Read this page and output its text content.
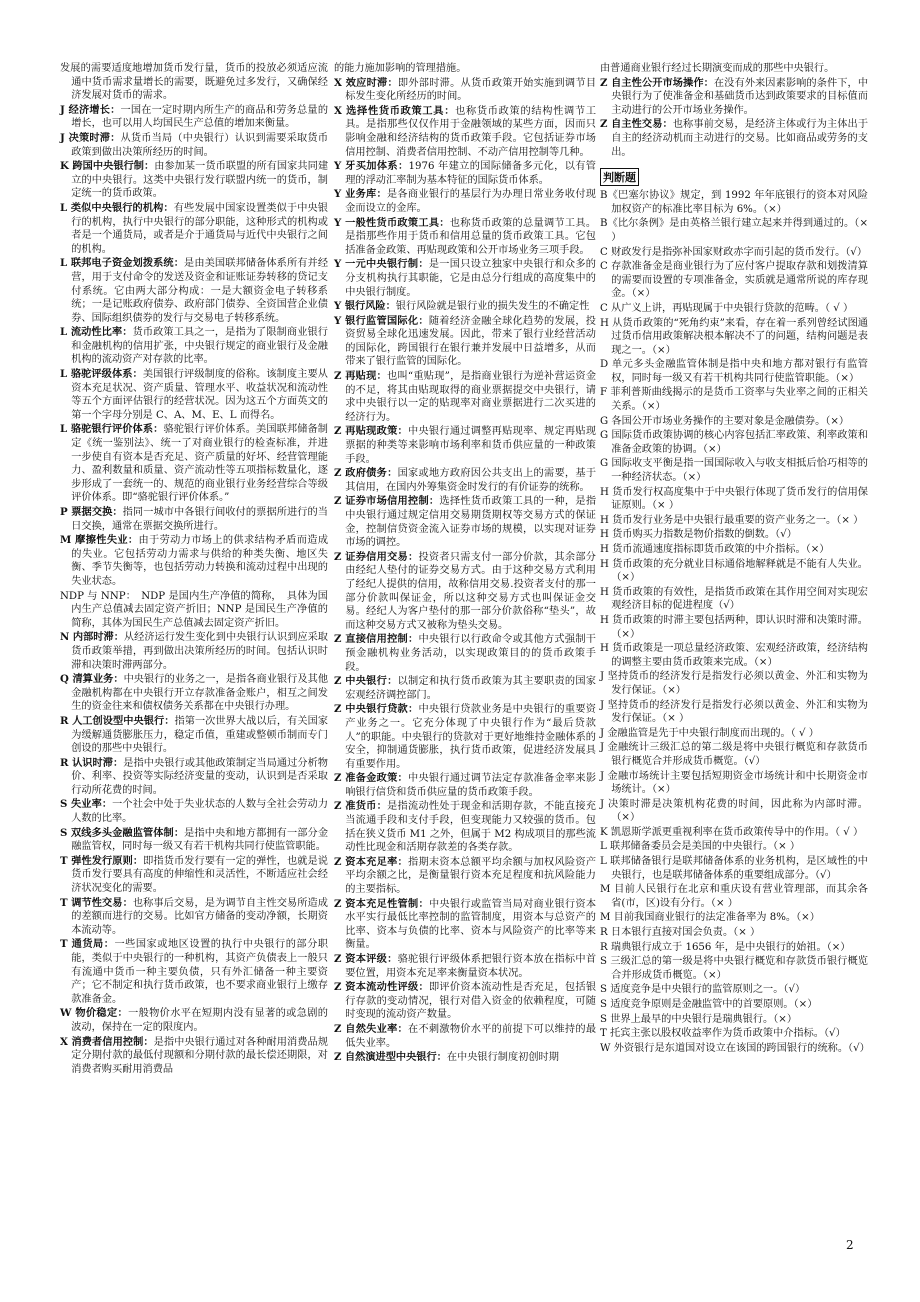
发展的需要适度地增加货币发行量，货币的投放必须适应流通中货币需求量增长的需要，既避免过多发行，又确保经济发展对货币的需求。
J 经济增长：一国在一定时期内所生产的商品和劳务总量的增长，也可以用人均国民生产总值的增加来衡量。
J 决策时滞：从货币当局（中央银行）认识到需要采取货币政策到做出决策所经历的时间。
K 跨国中央银行制：由参加某一货币联盟的所有国家共同建立的中央银行。这类中央银行发行联盟内统一的货币，制定统一的货币政策。
L 类似中央银行的机构：有些发展中国家设置类似于中央银行的机构，执行中央银行的部分职能，这种形式的机构或者是一个通货局，或者是介于通货局与近代中央银行之间的机构。
L 联邦电子资金划拨系统：是由美国联邦储备体系所有并经营，用于支付命令的发送及资金和证账证券转移的贷记支付系统。它由两大部分构成：一是大额资金电子转移系统；一是记账政府债券、政府部门债券、全资国营企业债券、国际组织债券的发行与交易电子转移系统。
L 流动性比率：货币政策工具之一，是指为了限制商业银行和金融机构的信用扩张，中央银行规定的商业银行及金融机构的流动资产对存款的比率。
L 骆驼评级体系：美国银行评级制度的俗称。该制度主要从资本充足状况、资产质量、管理水平、收益状况和流动性等五个方面评估银行的经营状况。因为这五个方面英文的第一个字母分别是 C、A、M、E、L 而得名。
L 骆驼银行评价体系：骆驼银行评价体系。美国联邦储备制定《统一鉴别法》、统一了对商业银行的检查标准，并进一步使自有资本是否充足、资产质量的好坏、经营管理能力、盈利数量和质量、资产流动性等五项指标数量化，逐步形成了一套统一的、规范的商业银行业务经营综合等级评价体系。即“骆驼银行评价体系。”
P 票据交换：指同一城市中各银行间收付的票据所进行的当日交换，通常在票据交换所进行。
M 摩擦性失业：由于劳动力市场上的供求结构矛盾而造成的失业。它包括劳动力需求与供给的种类失衡、地区失衡、季节失衡等，也包括劳动力转换和流动过程中出现的失业状态。
NDP 与 NNP：　NDP 是国内生产净值的简称，　具体为国内生产总值减去固定资产折旧；NNP 是国民生产净值的简称，其体为国民生产总值减去固定资产折旧。
N 内部时滞：从经济运行发生变化到中央银行认识到应采取货币政策举措，再到做出决策所经历的时间。包括认识时滞和决策时滞两部分。
Q 清算业务：中央银行的业务之一，是指各商业银行及其他金融机构都在中央银行开立存款准备金账户，相互之间发生的资金往来和债权债务关系都在中央银行办理。
R 人工创设型中央银行：指第一次世界大战以后，有关国家为缓解通货膨胀压力，稳定币值，重建或整顿币制而专门创设的那些中央银行。
R 认识时滞：是指中央银行或其他政策制定当局通过分析物价、利率、投资等实际经济变量的变动，认识到是否采取行动所花费的时间。
S 失业率：一个社会中处于失业状态的人数与全社会劳动力人数的比率。
S 双线多头金融监管体制：是指中央和地方都拥有一部分金融监管权，同时每一级又有若干机构共同行使监管职能。
T 弹性发行原则：即指货币发行要有一定的弹性，也就是说货币发行要具有高度的伸缩性和灵活性，不断适应社会经济状况变化的需要。
T 调节性交易：也称事后交易，是为调节自主性交易所造成的差额而进行的交易。比如官方储备的变动净额，长期资本流动等。
T 通货局：一些国家或地区设置的执行中央银行的部分职能，类似于中央银行的一种机构，其资产负债表上一般只有流通中货币一种主要负债，只有外汇储备一种主要资产；它不制定和执行货币政策，也不要求商业银行上缴存款准备金。
W 物价稳定：一般物价水平在短期内没有显著的或急剧的波动，保持在一定的限度内。
X 消费者信用控制：是指中央银行通过对各种耐用消费品规定分期付款的最低付现额和分期付款的最长偿还期限，对消费者购买耐用消费品
的能力施加影响的管理措施。
X 效应时滞：即外部时滞。从货币政策开始实施到调节目标发生变化所经历的时间。
X 选择性货币政策工具：也称货币政策的结构性调节工具。是指那些仅仅作用于金融领域的某些方面，因而只影响金融和经济结构的货币政策手段。它包括证券市场信用控制、消费者信用控制、不动产信用控制等几种。
Y 牙买加体系：1976 年建立的国际储备多元化，以有管理的浮动汇率制为基本特征的国际货币体系。
Y 业务库：是各商业银行的基层行为办理日常业务收付现金而设立的金库。
Y 一般性货币政策工具：也称货币政策的总量调节工具。是指那些作用于货币和信用总量的货币政策工具。它包括准备金政策、再贴现政策和公开市场业务三项手段。
Y 一元中央银行制：是一国只设立独家中央银行和众多的分支机构执行其职能，它是由总分行组成的高度集中的中央银行制度。
Y 银行风险：银行风险就是银行业的损失发生的不确定性
Y 银行监管国际化：随着经济金融全球化趋势的发展，投资贸易全球化迅速发展。因此，带来了银行业经营活动的国际化，跨国银行在银行兼并发展中日益增多，从而带来了银行监管的国际化。
Z 再贴现：也叫“重贴现”，是指商业银行为逆补营运资金的不足，将其由贴现取得的商业票据提交中央银行，请求中央银行以一定的贴现率对商业票据进行二次买进的经济行为。
Z 再贴现政策：中央银行通过调整再贴现率、规定再贴现票据的种类等来影响市场利率和货币供应量的一种政策手段。
Z 政府债务：国家或地方政府因公共支出上的需要，基于其信用，在国内外筹集资金时发行的有价证券的统称。
Z 证券市场信用控制：选择性货币政策工具的一种，是指中央银行通过规定信用交易期货期权等交易方式的保证金，控制信贷资金流入证券市场的规模，以实现对证券市场的调控。
Z 证券信用交易：投资者只需支付一部分价款，其余部分由经纪人垫付的证券交易方式。由于这种交易方式利用了经纪人提供的信用，故称信用交易.投资者支付的那一部分价款叫保证金，所以这种交易方式也叫保证金交易。经纪人为客户垫付的那一部分价款俗称“垫头”，故而这种交易方式又被称为垫头交易。
Z 直接信用控制：中央银行以行政命令或其他方式强制干预金融机构业务活动，以实现政策目的的货币政策手段。
Z 中央银行：以制定和执行货币政策为其主要职责的国家宏观经济调控部门。
Z 中央银行贷款：中央银行贷款业务是中央银行的重要资产业务之一。它充分体现了中央银行作为“最后贷款人”的职能。中央银行的贷款对于更好地维持金融体系的安全，抑制通货膨胀，执行货币政策，促进经济发展具有重要作用。
Z 准备金政策：中央银行通过调节法定存款准备金率来影响银行信贷和货币供应量的货币政策手段。
Z 准货币：是指流动性处于现金和活期存款，不能直接充当流通手段和支付手段，但变现能力又较强的货币。包括在狭义货币 M1 之外，但属于 M2 构成项目的那些流动性比现金和活期存款差的各类存款。
Z 资本充足率：指期末资本总额平均余额与加权风险资产平均余额之比，是衡量银行资本充足程度和抗风险能力的主要指标。
Z 资本充足性管制：中央银行或监管当局对商业银行资本水平实行最低比率控制的监管制度，用资本与总资产的比率、资本与负债的比率、资本与风险资产的比率等来衡量。
Z 资本评级：骆驼银行评级体系把银行资本放在指标中首要位置，用资本充足率来衡量资本状况。
Z 资本流动性评级：即评价资本流动性是否充足，包括银行存款的变动情况，银行对借入资金的依赖程度，可随时变现的流动资产数量。
Z 自然失业率：在不刺激物价水平的前提下可以维持的最低失业率。
Z 自然演进型中央银行：在中央银行制度初创时期
由普通商业银行经过长期演变而成的那些中央银行。
Z 自主性公开市场操作：在没有外来因素影响的条件下，中央银行为了使准备金和基础货币达到政策要求的目标值而主动进行的公开市场业务操作。
Z 自主性交易：也称事前交易，是经济主体或行为主体出于自主的经济动机而主动进行的交易。比如商品或劳务的支出。
判断题
B《巴塞尔协议》规定，到 1992 年年底银行的资本对风险加权资产的标准比率目标为 6%。（×）
B《比尔条例》是由英格兰银行建立起来并得到通过的。（× ）
C 财政发行是指弥补国家财政赤字而引起的货币发行。（√）
C 存款准备金是商业银行为了应付客户提取存款和划拨清算的需要而设置的专项准备金，实质就是通常所说的库存现金。（×）
C 从广义上讲，再贴现属于中央银行贷款的范畴。（ √ ）
H 从货币政策的“死角约束”来看，存在着一系列曾经试图通过货币信用政策解决根本解决不了的问题，结构问题是表现之一。（×）
D 单元多头金融监管体制是指中央和地方都对银行有监管权，同时每一级又有若干机构共同行使监管职能。（×）
F 菲利普斯曲线揭示的是货币工资率与失业率之间的正相关关系。（×）
G 各国公开市场业务操作的主要对象是金融债券。（×）
G 国际货币政策协调的核心内容包括汇率政策、利率政策和准备金政策的协调。（×）
G 国际收支平衡是指一国国际收入与收支相抵后恰巧相等的一种经济状态。（×）
H 货币发行权高度集中于中央银行体现了货币发行的信用保证原则。（× ）
H 货币发行业务是中央银行最重要的资产业务之一。（× ）
H 货币购买力指数是物价指数的倒数。（√）
H 货币流通速度指标即货币政策的中介指标。（×）
H 货币政策的充分就业目标通俗地解释就是不能有人失业。（×）
H 货币政策的有效性，是指货币政策在其作用空间对实现宏观经济目标的促进程度（√）
H 货币政策的时滞主要包括两种，即认识时滞和决策时滞。（×）
H 货币政策是一项总量经济政策、宏观经济政策，经济结构的调整主要由货币政策来完成。（×）
J 坚持货币的经济发行是指发行必须以黄金、外汇和实物为发行保证。（×）
J 坚持货币的经济发行是指发行必须以黄金、外汇和实物为发行保证。（× ）
J 金融监管是先于中央银行制度而出现的。（ √ ）
J 金融统计三级汇总的第二级是将中央银行概览和存款货币银行概览合并形成货币概览。（√）
J 金融市场统计主要包括短期资金市场统计和中长期资金市场统计。（×）
J 决策时滞是决策机构花费的时间，因此称为内部时滞。（×）
K 凯恩斯学派更重视利率在货币政策传导中的作用。（ √ ）
L 联邦储备委员会是美国的中央银行。（× ）
L 联邦储备银行是联邦储备体系的业务机构，是区域性的中央银行，也是联邦储备体系的重要组成部分。（√）
M 目前人民银行在北京和重庆设有营业管理部，而其余各省(市，区)设有分行。（× ）
M 目前我国商业银行的法定准备率为 8%。（×）
R 日本银行直接对国会负责。（× ）
R 瑞典银行成立于 1656 年，是中央银行的始祖。（×）
S 三级汇总的第一级是将中央银行概览和存款货币银行概览合并形成货币概览。（×）
S 适度竞争是中央银行的监管原则之一。（√）
S 适度竞争原则是金融监管中的首要原则。（×）
S 世界上最早的中央银行是瑞典银行。（×）
T 托宾主张以股权收益率作为货币政策中介指标。（√）
W 外资银行是东道国对设立在该国的跨国银行的统称。（√）
2
